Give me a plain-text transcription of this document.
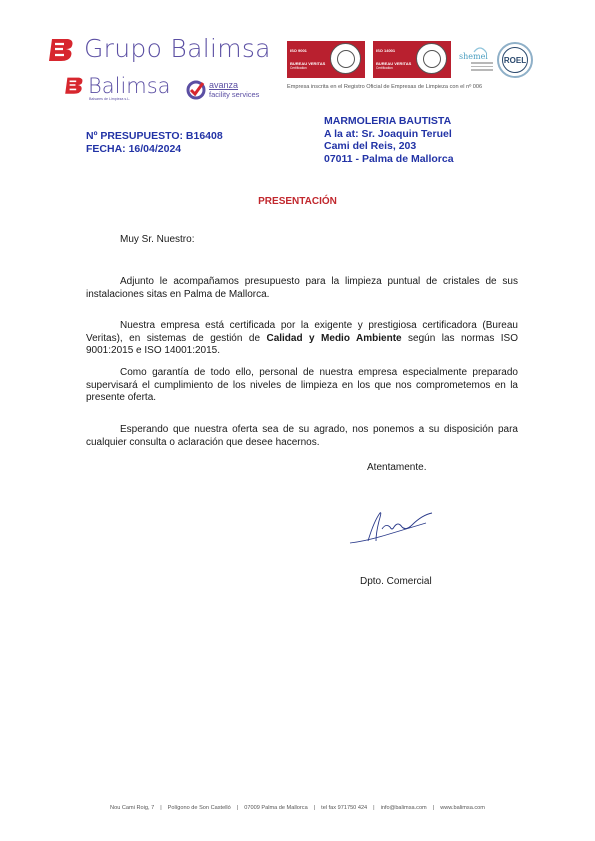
Grupo Balimsa
Balimsa
Balsares de Limpieza s.L.
avanza
facility services
ISO 9001
BUREAU VERITAS
Certification
ISO 14001
BUREAU VERITAS
Certification
shemel ROEL
Empresa inscrita en el Registro Oficial de Empresas de Limpieza con el nº 006
Nº PRESUPUESTO: B16408
FECHA: 16/04/2024
MARMOLERIA BAUTISTA
A la at: Sr. Joaquin Teruel
Cami del Reis, 203
07011 - Palma de Mallorca
PRESENTACIÓN
Muy Sr. Nuestro:
Adjunto le acompañamos presupuesto para la limpieza puntual de cristales de sus instalaciones sitas en Palma de Mallorca.
Nuestra empresa está certificada por la exigente y prestigiosa certificadora (Bureau Veritas), en sistemas de gestión de Calidad y Medio Ambiente según las normas ISO 9001:2015 e ISO 14001:2015.
Como garantía de todo ello, personal de nuestra empresa especialmente preparado supervisará el cumplimiento de los niveles de limpieza en los que nos comprometemos en la presente oferta.
Esperando que nuestra oferta sea de su agrado, nos ponemos a su disposición para cualquier consulta o aclaración que desee hacernos.
Atentamente.
Dpto. Comercial
Nou Cami Roig, 7 | Polígono de Son Castelló | 07009 Palma de Mallorca | tel fax 971750 424 | info@balimsa.com | www.balimsa.com
